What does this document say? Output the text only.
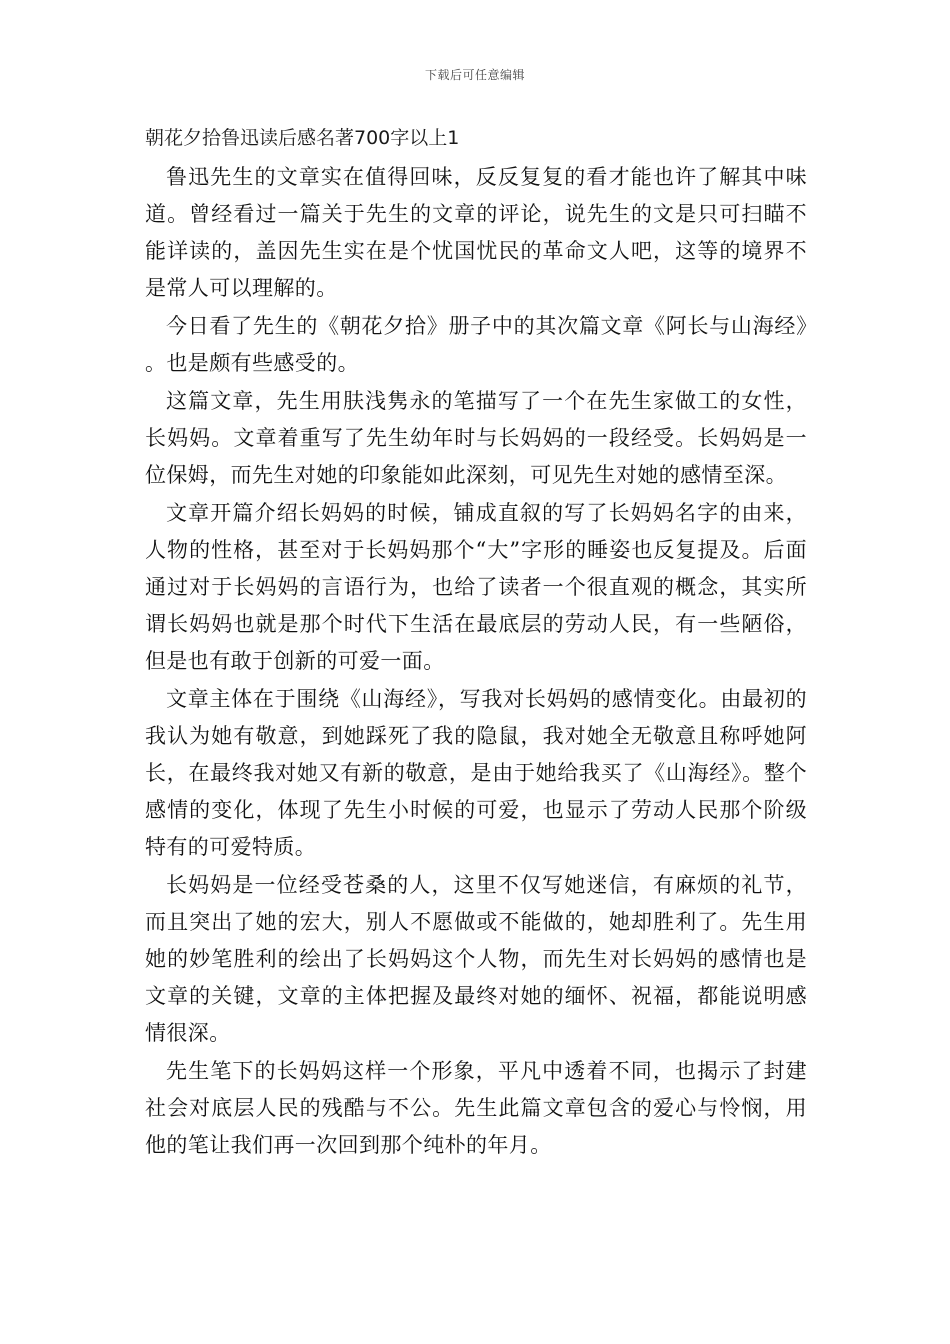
下载后可任意编辑
朝花夕拾鲁迅读后感名著700字以上1

鲁迅先生的文章实在值得回味，反反复复的看才能也许了解其中味道。曾经看过一篇关于先生的文章的评论，说先生的文是只可扫瞄不能详读的，盖因先生实在是个忧国忧民的革命文人吧，这等的境界不是常人可以理解的。

今日看了先生的《朝花夕拾》册子中的其次篇文章《阿长与山海经》。也是颇有些感受的。

这篇文章，先生用肤浅隽永的笔描写了一个在先生家做工的女性，长妈妈。文章着重写了先生幼年时与长妈妈的一段经受。长妈妈是一位保姆，而先生对她的印象能如此深刻，可见先生对她的感情至深。

文章开篇介绍长妈妈的时候，铺成直叙的写了长妈妈名字的由来，人物的性格，甚至对于长妈妈那个“大”字形的睡姿也反复提及。后面通过对于长妈妈的言语行为，也给了读者一个很直观的概念，其实所谓长妈妈也就是那个时代下生活在最底层的劳动人民，有一些陋俗，但是也有敢于创新的可爱一面。

文章主体在于围绕《山海经》，写我对长妈妈的感情变化。由最初的我认为她有敬意，到她踩死了我的隐鼠，我对她全无敬意且称呼她阿长，在最终我对她又有新的敬意，是由于她给我买了《山海经》。整个感情的变化，体现了先生小时候的可爱，也显示了劳动人民那个阶级特有的可爱特质。

长妈妈是一位经受苍桑的人，这里不仅写她迷信，有麻烦的礼节，而且突出了她的宏大，别人不愿做或不能做的，她却胜利了。先生用她的妙笔胜利的绘出了长妈妈这个人物，而先生对长妈妈的感情也是文章的关键，文章的主体把握及最终对她的缅怀、祝福，都能说明感情很深。

先生笔下的长妈妈这样一个形象，平凡中透着不同，也揭示了封建社会对底层人民的残酷与不公。先生此篇文章包含的爱心与怜悯，用他的笔让我们再一次回到那个纯朴的年月。
